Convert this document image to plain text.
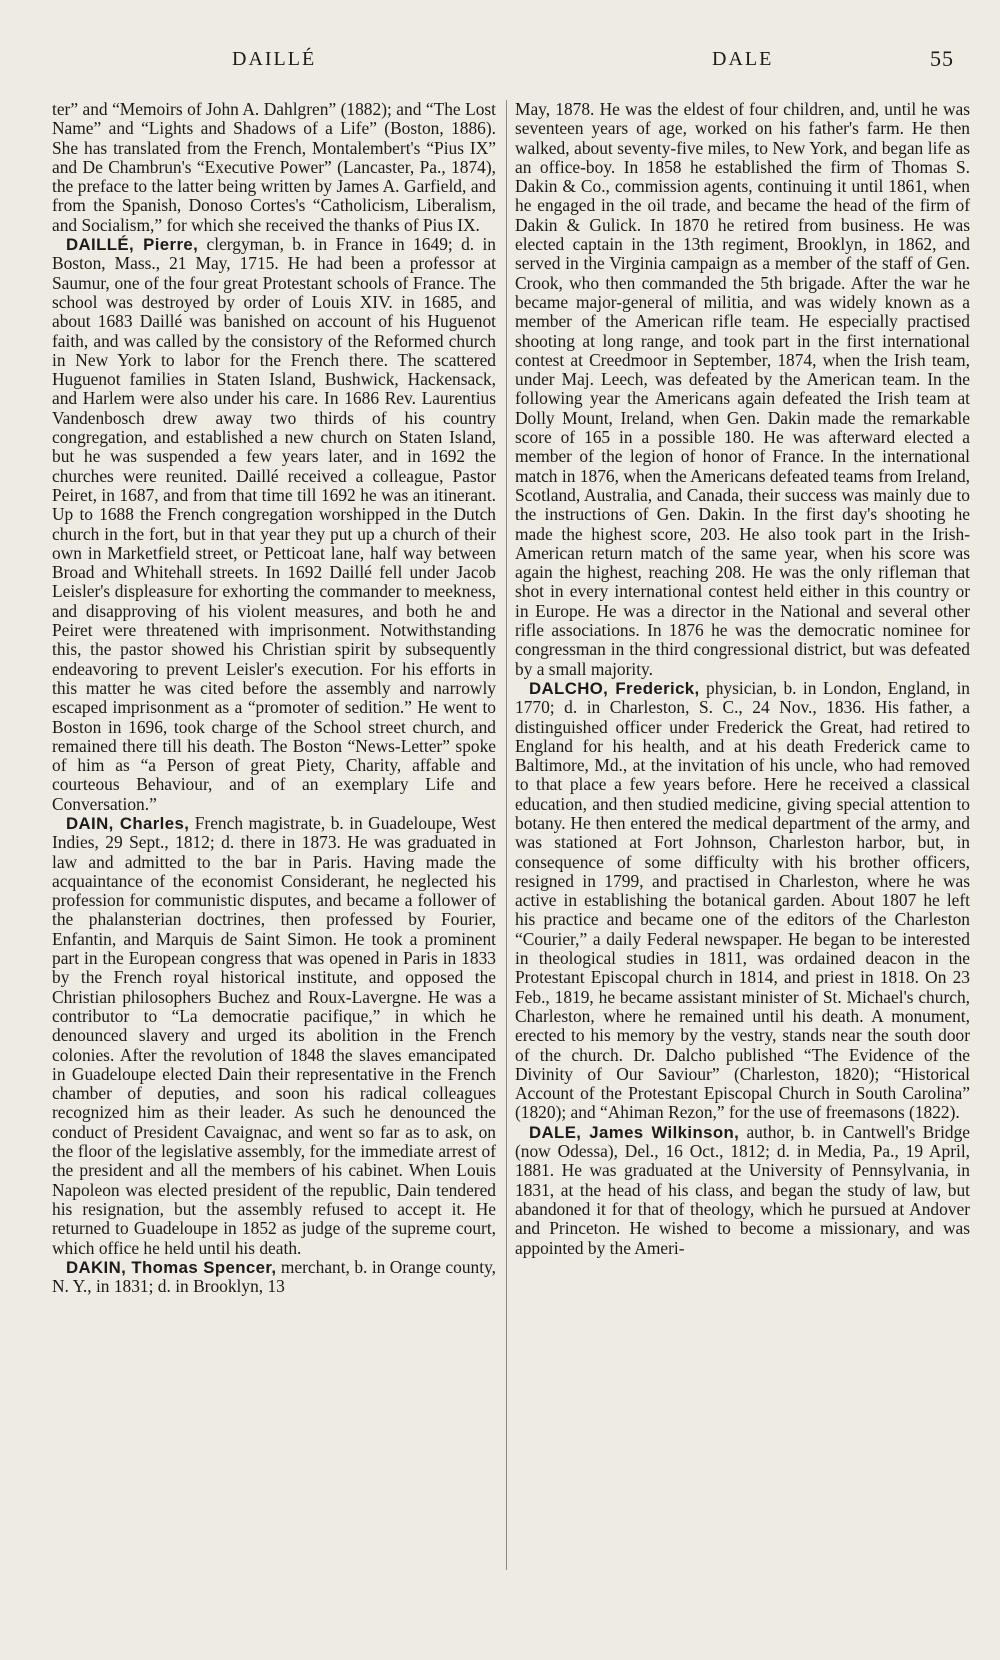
DAILLÉ	DALE	55

ter” and “Memoirs of John A. Dahlgren” (1882); and “The Lost Name” and “Lights and Shadows of a Life” (Boston, 1886). She has translated from the French, Montalembert's “Pius IX” and De Chambrun's “Executive Power” (Lancaster, Pa., 1874), the preface to the latter being written by James A. Garfield, and from the Spanish, Donoso Cortes's “Catholicism, Liberalism, and Socialism,” for which she received the thanks of Pius IX.

DAILLÉ, Pierre, clergyman, b. in France in 1649; d. in Boston, Mass., 21 May, 1715. He had been a professor at Saumur, one of the four great Protestant schools of France. The school was destroyed by order of Louis XIV. in 1685, and about 1683 Daillé was banished on account of his Huguenot faith, and was called by the consistory of the Reformed church in New York to labor for the French there. The scattered Huguenot families in Staten Island, Bushwick, Hackensack, and Harlem were also under his care. In 1686 Rev. Laurentius Vandenbosch drew away two thirds of his country congregation, and established a new church on Staten Island, but he was suspended a few years later, and in 1692 the churches were reunited. Daillé received a colleague, Pastor Peiret, in 1687, and from that time till 1692 he was an itinerant. Up to 1688 the French congregation worshipped in the Dutch church in the fort, but in that year they put up a church of their own in Marketfield street, or Petticoat lane, half way between Broad and Whitehall streets. In 1692 Daillé fell under Jacob Leisler's displeasure for exhorting the commander to meekness, and disapproving of his violent measures, and both he and Peiret were threatened with imprisonment. Notwithstanding this, the pastor showed his Christian spirit by subsequently endeavoring to prevent Leisler's execution. For his efforts in this matter he was cited before the assembly and narrowly escaped imprisonment as a “promoter of sedition.” He went to Boston in 1696, took charge of the School street church, and remained there till his death. The Boston “News-Letter” spoke of him as “a Person of great Piety, Charity, affable and courteous Behaviour, and of an exemplary Life and Conversation.”

DAIN, Charles, French magistrate, b. in Guadeloupe, West Indies, 29 Sept., 1812; d. there in 1873. He was graduated in law and admitted to the bar in Paris. Having made the acquaintance of the economist Considerant, he neglected his profession for communistic disputes, and became a follower of the phalansterian doctrines, then professed by Fourier, Enfantin, and Marquis de Saint Simon. He took a prominent part in the European congress that was opened in Paris in 1833 by the French royal historical institute, and opposed the Christian philosophers Buchez and Roux-Lavergne. He was a contributor to “La democratie pacifique,” in which he denounced slavery and urged its abolition in the French colonies. After the revolution of 1848 the slaves emancipated in Guadeloupe elected Dain their representative in the French chamber of deputies, and soon his radical colleagues recognized him as their leader. As such he denounced the conduct of President Cavaignac, and went so far as to ask, on the floor of the legislative assembly, for the immediate arrest of the president and all the members of his cabinet. When Louis Napoleon was elected president of the republic, Dain tendered his resignation, but the assembly refused to accept it. He returned to Guadeloupe in 1852 as judge of the supreme court, which office he held until his death.

DAKIN, Thomas Spencer, merchant, b. in Orange county, N. Y., in 1831; d. in Brooklyn, 13

May, 1878. He was the eldest of four children, and, until he was seventeen years of age, worked on his father's farm. He then walked, about seventy-five miles, to New York, and began life as an office-boy. In 1858 he established the firm of Thomas S. Dakin & Co., commission agents, continuing it until 1861, when he engaged in the oil trade, and became the head of the firm of Dakin & Gulick. In 1870 he retired from business. He was elected captain in the 13th regiment, Brooklyn, in 1862, and served in the Virginia campaign as a member of the staff of Gen. Crook, who then commanded the 5th brigade. After the war he became major-general of militia, and was widely known as a member of the American rifle team. He especially practised shooting at long range, and took part in the first international contest at Creedmoor in September, 1874, when the Irish team, under Maj. Leech, was defeated by the American team. In the following year the Americans again defeated the Irish team at Dolly Mount, Ireland, when Gen. Dakin made the remarkable score of 165 in a possible 180. He was afterward elected a member of the legion of honor of France. In the international match in 1876, when the Americans defeated teams from Ireland, Scotland, Australia, and Canada, their success was mainly due to the instructions of Gen. Dakin. In the first day's shooting he made the highest score, 203. He also took part in the Irish-American return match of the same year, when his score was again the highest, reaching 208. He was the only rifleman that shot in every international contest held either in this country or in Europe. He was a director in the National and several other rifle associations. In 1876 he was the democratic nominee for congressman in the third congressional district, but was defeated by a small majority.

DALCHO, Frederick, physician, b. in London, England, in 1770; d. in Charleston, S. C., 24 Nov., 1836. His father, a distinguished officer under Frederick the Great, had retired to England for his health, and at his death Frederick came to Baltimore, Md., at the invitation of his uncle, who had removed to that place a few years before. Here he received a classical education, and then studied medicine, giving special attention to botany. He then entered the medical department of the army, and was stationed at Fort Johnson, Charleston harbor, but, in consequence of some difficulty with his brother officers, resigned in 1799, and practised in Charleston, where he was active in establishing the botanical garden. About 1807 he left his practice and became one of the editors of the Charleston “Courier,” a daily Federal newspaper. He began to be interested in theological studies in 1811, was ordained deacon in the Protestant Episcopal church in 1814, and priest in 1818. On 23 Feb., 1819, he became assistant minister of St. Michael's church, Charleston, where he remained until his death. A monument, erected to his memory by the vestry, stands near the south door of the church. Dr. Dalcho published “The Evidence of the Divinity of Our Saviour” (Charleston, 1820); “Historical Account of the Protestant Episcopal Church in South Carolina” (1820); and “Ahiman Rezon,” for the use of freemasons (1822).

DALE, James Wilkinson, author, b. in Cantwell's Bridge (now Odessa), Del., 16 Oct., 1812; d. in Media, Pa., 19 April, 1881. He was graduated at the University of Pennsylvania, in 1831, at the head of his class, and began the study of law, but abandoned it for that of theology, which he pursued at Andover and Princeton. He wished to become a missionary, and was appointed by the Ameri-
